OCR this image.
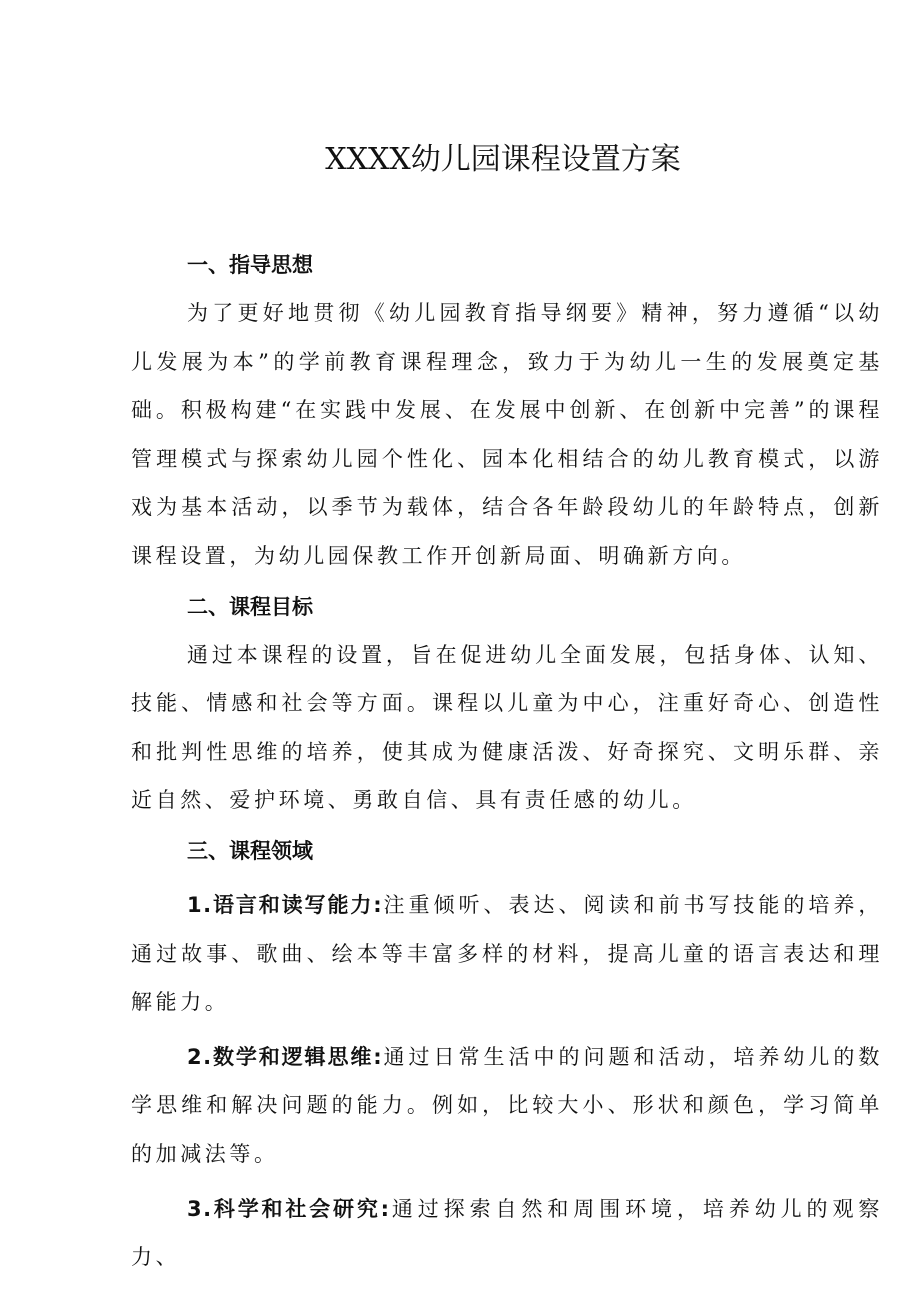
XXXX幼儿园课程设置方案
一、指导思想

为了更好地贯彻《幼儿园教育指导纲要》精神，努力遵循“以幼儿发展为本”的学前教育课程理念，致力于为幼儿一生的发展奠定基础。积极构建“在实践中发展、在发展中创新、在创新中完善”的课程管理模式与探索幼儿园个性化、园本化相结合的幼儿教育模式，以游戏为基本活动，以季节为载体，结合各年龄段幼儿的年龄特点，创新课程设置，为幼儿园保教工作开创新局面、明确新方向。

二、课程目标

通过本课程的设置，旨在促进幼儿全面发展，包括身体、认知、技能、情感和社会等方面。课程以儿童为中心，注重好奇心、创造性和批判性思维的培养，使其成为健康活泼、好奇探究、文明乐群、亲近自然、爱护环境、勇敢自信、具有责任感的幼儿。

三、课程领域

1.语言和读写能力:注重倾听、表达、阅读和前书写技能的培养，通过故事、歌曲、绘本等丰富多样的材料，提高儿童的语言表达和理解能力。

2.数学和逻辑思维:通过日常生活中的问题和活动，培养幼儿的数学思维和解决问题的能力。例如，比较大小、形状和颜色，学习简单的加减法等。

3.科学和社会研究:通过探索自然和周围环境，培养幼儿的观察力、
